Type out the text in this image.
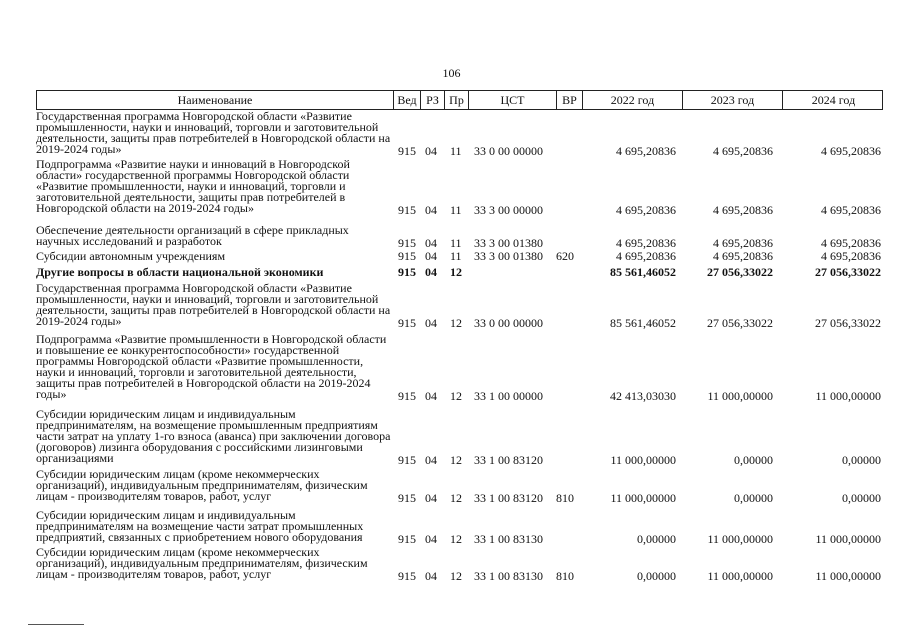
106
Наименование	Вед РЗ Пр	ЦСТ	ВР	2022 год	2023 год	2024 год
Государственная программа Новгородской области «Развитие промышленности, науки и инноваций, торговли и заготовительной деятельности, защиты прав потребителей в Новгородской области на 2019-2024 годы»	915 04	11	33 0 00 00000	4 695,20836	4 695,20836	4 695,20836
Подпрограмма «Развитие науки и инноваций в Новгородской области» государственной программы Новгородской области «Развитие промышленности, науки и инноваций, торговли и заготовительной деятельности, защиты прав потребителей в Новгородской области на 2019-2024 годы»	915 04	11	33 3 00 00000	4 695,20836	4 695,20836	4 695,20836
Обеспечение деятельности организаций в сфере прикладных научных исследований и разработок	915 04	11	33 3 00 01380	4 695,20836	4 695,20836	4 695,20836
Субсидии автономным учреждениям	915 04	11	33 3 00 01380	620	4 695,20836	4 695,20836	4 695,20836
Другие вопросы в области национальной экономики	915 04	12	85 561,46052	27 056,33022	27 056,33022
Государственная программа Новгородской области «Развитие промышленности, науки и инноваций, торговли и заготовительной деятельности, защиты прав потребителей в Новгородской области на 2019-2024 годы»	915 04	12	33 0 00 00000	85 561,46052	27 056,33022	27 056,33022
Подпрограмма «Развитие промышленности в Новгородской области и повышение ее конкурентоспособности» государственной программы Новгородской области «Развитие промышленности, науки и инноваций, торговли и заготовительной деятельности, защиты прав потребителей в Новгородской области на 2019-2024 годы»	915 04	12	33 1 00 00000	42 413,03030	11 000,00000	11 000,00000
Субсидии юридическим лицам и индивидуальным предпринимателям, на возмещение промышленным предприятиям части затрат на уплату 1-го взноса (аванса) при заключении договора (договоров) лизинга оборудования с российскими лизинговыми организациями	915 04	12	33 1 00 83120	11 000,00000	0,00000	0,00000
Субсидии юридическим лицам (кроме некоммерческих организаций), индивидуальным предпринимателям, физическим лицам - производителям товаров, работ, услуг	915 04	12	33 1 00 83120	810	11 000,00000	0,00000	0,00000
Субсидии юридическим лицам и индивидуальным предпринимателям на возмещение части затрат промышленных предприятий, связанных с приобретением нового оборудования	915 04	12	33 1 00 83130	0,00000	11 000,00000	11 000,00000
Субсидии юридическим лицам (кроме некоммерческих организаций), индивидуальным предпринимателям, физическим лицам - производителям товаров, работ, услуг	915 04	12	33 1 00 83130	810	0,00000	11 000,00000	11 000,00000
